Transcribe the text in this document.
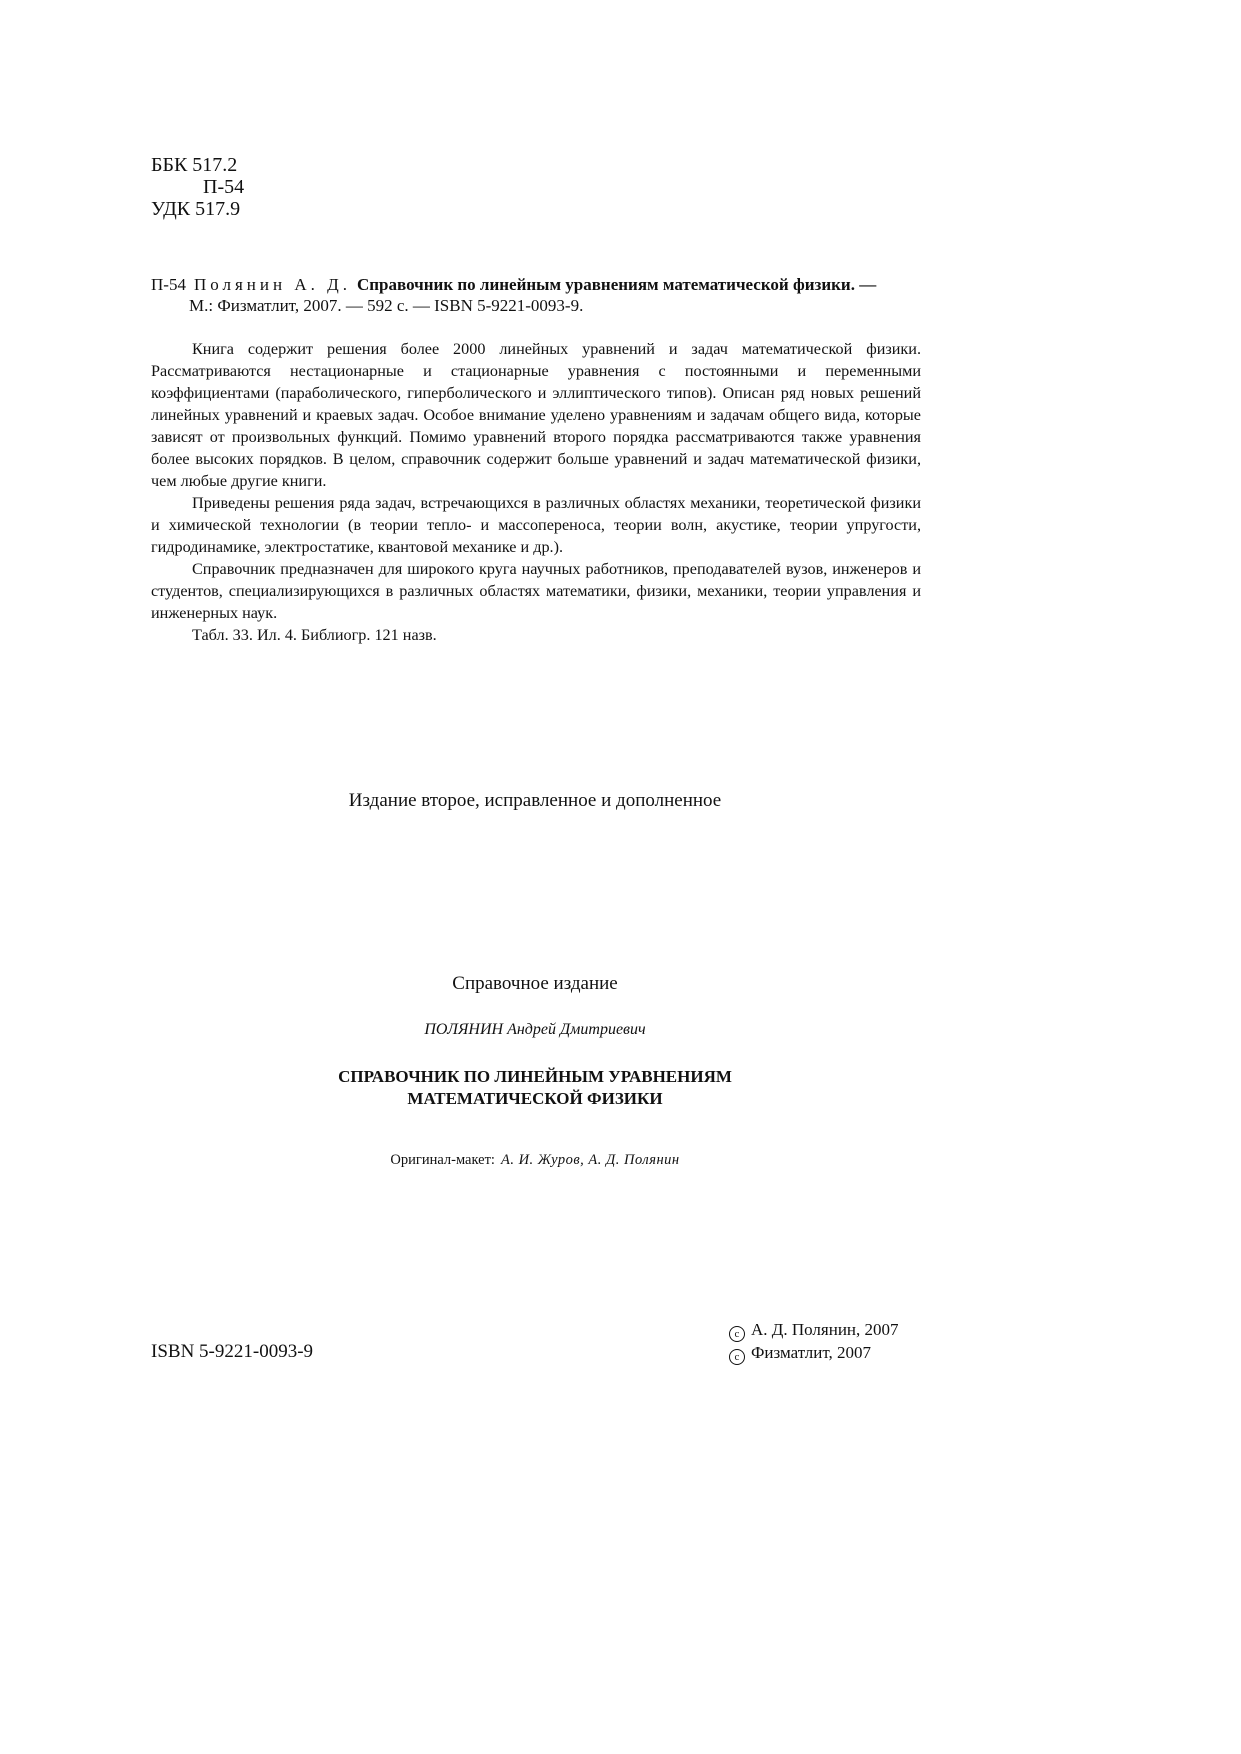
ББК 517.2
П-54
УДК 517.9
П-54 Полянин А. Д. Справочник по линейным уравнениям математической физики. —
М.: Физматлит, 2007. — 592 с. — ISBN 5-9221-0093-9.

Книга содержит решения более 2000 линейных уравнений и задач математической физики. Рассматриваются нестационарные и стационарные уравнения с постоянными и переменными коэффициентами (параболического, гиперболического и эллиптического типов). Описан ряд новых решений линейных уравнений и краевых задач. Особое внимание уделено уравнениям и задачам общего вида, которые зависят от произвольных функций. Помимо уравнений второго порядка рассматриваются также уравнения более высоких порядков. В целом, справочник содержит больше уравнений и задач математической физики, чем любые другие книги.

Приведены решения ряда задач, встречающихся в различных областях механики, теоретической физики и химической технологии (в теории тепло- и массопереноса, теории волн, акустике, теории упругости, гидродинамике, электростатике, квантовой механике и др.).

Справочник предназначен для широкого круга научных работников, преподавателей вузов, инженеров и студентов, специализирующихся в различных областях математики, физики, механики, теории управления и инженерных наук.

Табл. 33. Ил. 4. Библиогр. 121 назв.

Издание второе, исправленное и дополненное
Справочное издание
ПОЛЯНИН Андрей Дмитриевич
СПРАВОЧНИК ПО ЛИНЕЙНЫМ УРАВНЕНИЯМ
МАТЕМАТИЧЕСКОЙ ФИЗИКИ
Оригинал-макет: А. И. Журов, А. Д. Полянин
ISBN 5-9221-0093-9
c А. Д. Полянин, 2007
c Физматлит, 2007
